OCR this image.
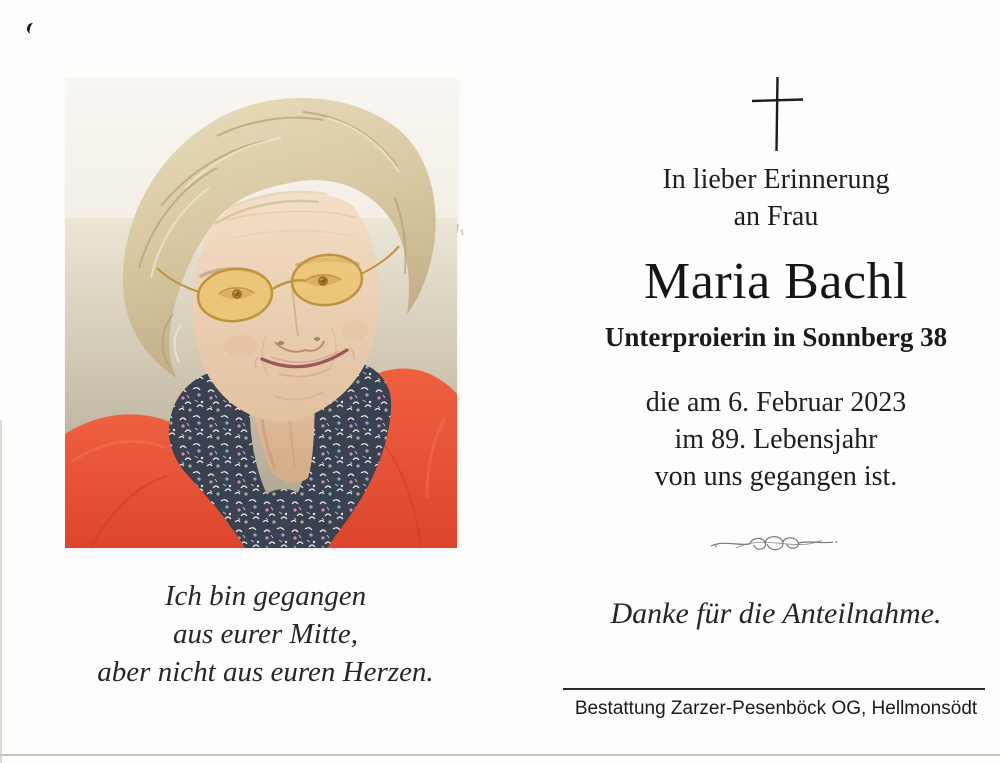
Ich bin gegangen
aus eurer Mitte,
aber nicht aus euren Herzen.
In lieber Erinnerung
an Frau
Maria Bachl
Unterproierin in Sonnberg 38
die am 6. Februar 2023
im 89. Lebensjahr
von uns gegangen ist.
Danke für die Anteilnahme.
Bestattung Zarzer-Pesenböck OG, Hellmonsödt
